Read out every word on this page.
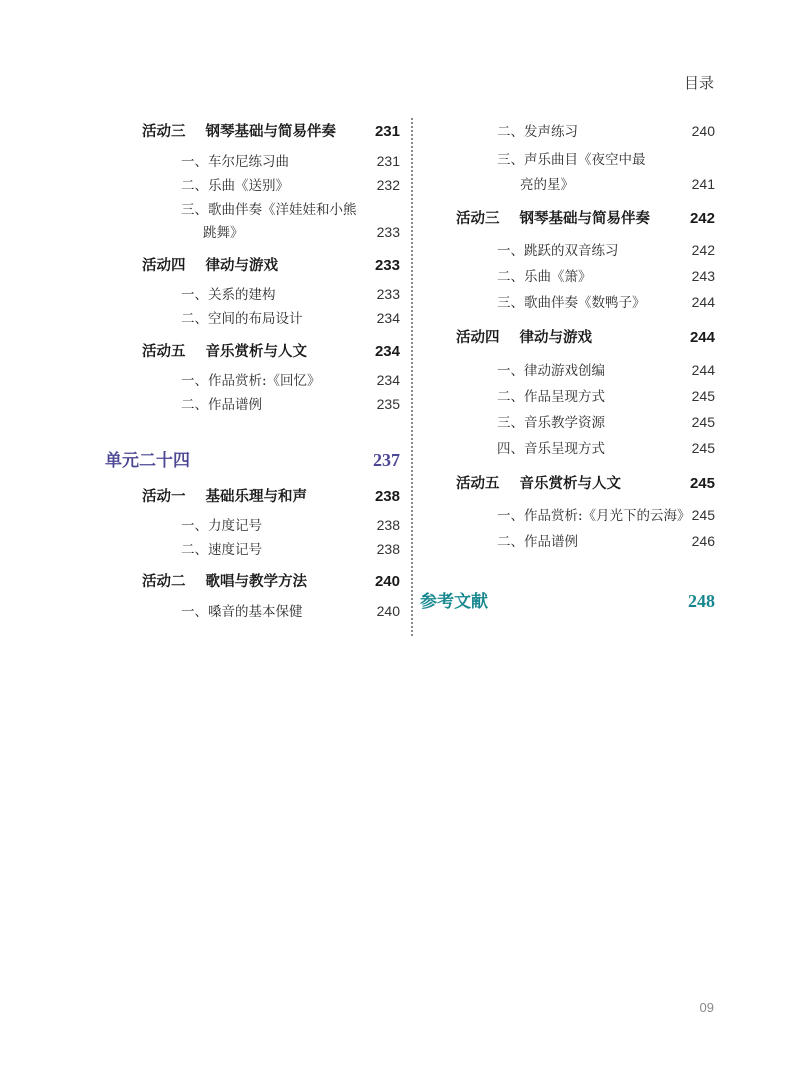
目录
活动三 钢琴基础与简易伴奏	231
一、车尔尼练习曲	231
二、乐曲《送别》	232
三、歌曲伴奏《洋娃娃和小熊
跳舞》	233
活动四 律动与游戏	233
一、关系的建构	233
二、空间的布局设计	234
活动五 音乐赏析与人文	234
一、作品赏析:《回忆》	234
二、作品谱例	235
单元二十四	237
活动一 基础乐理与和声	238
一、力度记号	238
二、速度记号	238
活动二 歌唱与教学方法	240
一、嗓音的基本保健	240
二、发声练习	240
三、声乐曲目《夜空中最
亮的星》	241
活动三 钢琴基础与简易伴奏	242
一、跳跃的双音练习	242
二、乐曲《箫》	243
三、歌曲伴奏《数鸭子》	244
活动四 律动与游戏	244
一、律动游戏创编	244
二、作品呈现方式	245
三、音乐教学资源	245
四、音乐呈现方式	245
活动五 音乐赏析与人文	245
一、作品赏析:《月光下的云海》 245
二、作品谱例	246
参考文献	248
09
